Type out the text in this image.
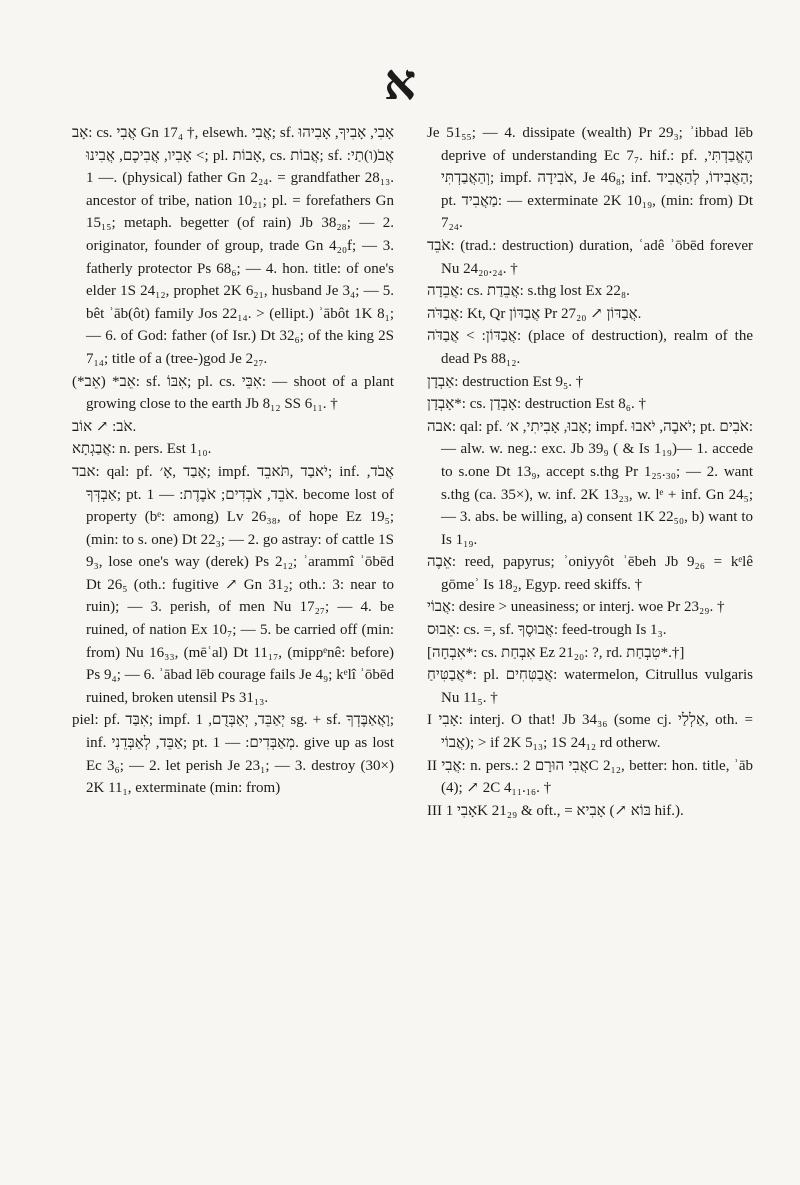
א

אָב: cs. אֲבִי Gn 17₄ †, elsewh. אֲבִי; sf. אָבִי, אָבִיךָ, אָבִיהוּ > אָבִיו, אֲבִיכֶם, אֲבִינוּ; pl. אָבוֹת, cs. אֲבוֹת; sf. אֲבֹ(ו)תַי: — 1. (physical) father Gn 2₂₄. = grandfather 28₁₃. ancestor of tribe, nation 10₂₁; pl. = forefathers Gn 15₁₅; metaph. begetter (of rain) Jb 38₂₈; — 2. originator, founder of group, trade Gn 4₂₀f; — 3. fatherly protector Ps 68₆; — 4. hon. title: of one's elder 1S 24₁₂, prophet 2K 6₂₁, husband Je 3₄; — 5. bêt ʾāb(ôt) family Jos 22₁₄. > (ellipt.) ʾābôt 1K 8₁; — 6. of God: father (of Isr.) Dt 32₆; of the king 2S 7₁₄; title of a (tree-)god Je 2₂₇.

אֵב* (אֵב*): sf. אִבּוֹ; pl. cs. אִבֵּי: — shoot of a plant growing close to the earth Jb 8₁₂ SS 6₁₁. †

אֹב: ↗ אוֹב.

אֲבַגְתָא: n. pers. Est 1₁₀.

אבד: qal: pf. אָבַד ,אָ׳; impf. יֹאבַד ,תֹּאבֵד; inf. אֲבֹד, אַבְדְּךָ; pt. אֹבֵד, אֹבְדִים; אֹבֶדֶת: — 1. become lost of property (bᵉ: among) Lv 26₃₈, of hope Ez 19₅; (min: to s. one) Dt 22₃; — 2. go astray: of cattle 1S 9₃, lose one's way (derek) Ps 2₁₂; ʾarammî ʾōbēd Dt 26₅ (oth.: fugitive ↗ Gn 31₂; oth.: 3: near to ruin); — 3. perish, of men Nu 17₂₇; — 4. be ruined, of nation Ex 10₇; — 5. be carried off (min: from) Nu 16₃₃, (mēʿal) Dt 11₁₇, (mippᵉnê: before) Ps 9₄; — 6. ʾābad lēb courage fails Je 4₉; kᵉlî ʾōbēd ruined, broken utensil Ps 31₁₃.

piel: pf. אִבַּד; impf. יְאַבֵּד, יְאַבְּדֻם, 1 sg. + sf. וָאֲאַבֶּדְךָ; inf. אַבֵּד, לְאַבְּדֵנִי; pt. מְאַבְּדִים: — 1. give up as lost Ec 3₆; — 2. let perish Je 23₁; — 3. destroy (30×) 2K 11₁, exterminate (min: from)

Je 51₅₅; — 4. dissipate (wealth) Pr 29₃; ʾibbad lēb deprive of understanding Ec 7₇. hif.: pf. הֶאֱבַדְתִּי, וְהַאֲבַדְתִּי; impf. אֹבִידָה, Je 46₈; inf. הַאֲבִידוֹ, לְהַאֲבִיד; pt. מַאֲבִיד: — exterminate 2K 10₁₉, (min: from) Dt 7₂₄.

אֹבֵד: (trad.: destruction) duration, ʿadê ʾōbēd forever Nu 24₂₀.₂₄. †

אֲבֵדָה: cs. אֲבֵדַת: s.thg lost Ex 22₈.

אֲבַדֹּה: Kt, Qr אֲבַדּוֹן Pr 27₂₀ ↗ אֲבַדּוֹן.

אֲבַדּוֹן: > אֲבַדֹּה: (place of destruction), realm of the dead Ps 88₁₂.

אַבְדָן: destruction Est 9₅. †

אָבְדָן*: cs. אָבְדַן: destruction Est 8₆. †

אבה: qal: pf. אָבוּ, אָבִיתִי, א׳; impf. יֹאבֶה, יֹאבוּ; pt. אֹבִים: — alw. w. neg.: exc. Jb 39₉ ( & Is 1₁₉)— 1. accede to s.one Dt 13₉, accept s.thg Pr 1₂₅.₃₀; — 2. want s.thg (ca. 35×), w. inf. 2K 13₂₃, w. lᵉ + inf. Gn 24₅; — 3. abs. be willing, a) consent 1K 22₅₀, b) want to Is 1₁₉.

אֵבֶה: reed, papyrus; ʾoniyyôt ʾēbeh Jb 9₂₆ = kᵉlê gōmeʾ Is 18₂, Egyp. reed skiffs. †

אֲבוֹי: desire > uneasiness; or interj. woe Pr 23₂₉. †

אֵבוּס: cs. =, sf. אֲבוּסֶךָ: feed-trough Is 1₃.

[אִבְחָה*: cs. אִבְחַת Ez 21₂₀: ?, rd. טִבְחַת*.†]

אֲבַטִּיחַ*: pl. אֲבַטִּחִים: watermelon, Citrullus vulgaris Nu 11₅. †

I אָבִי: interj. O that! Jb 34₃₆ (some cj. אַלְלַי, oth. = אֲבוֹי); > if 2K 5₁₃; 1S 24₁₂ rd otherw.

II אֲבִי: n. pers.: אֲבִי הוּרָם 2C 2₁₂, better: hon. title, ʾāb (4); ↗ 2C 4₁₁.₁₆. †

III אָבִי 1K 21₂₉ & oft., = אָבִיא (↗ בּוֹא hif.).
